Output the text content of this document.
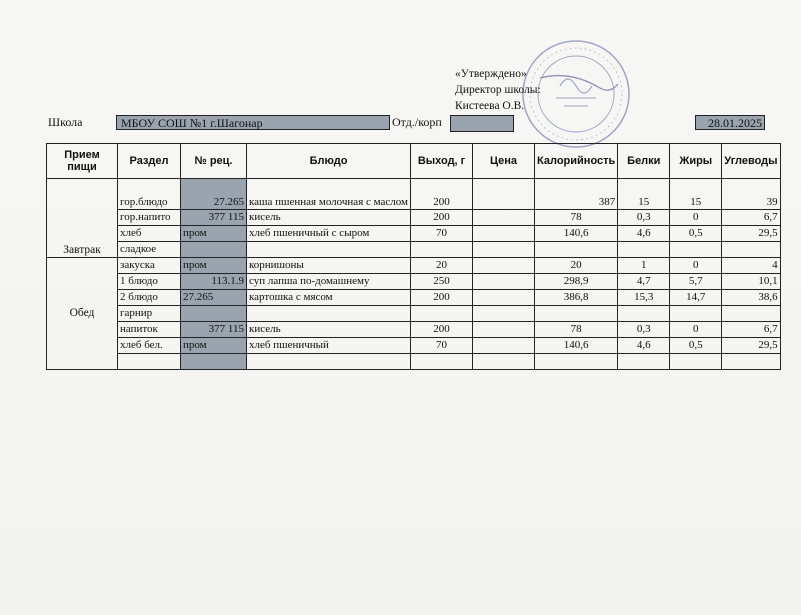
«Утверждено»
Директор школы:
Кистеева О.В.
Школа	МБОУ СОШ №1 г.Шагонар	Отд./корп	28.01.2025
Прием пищи	Раздел	№ рец.	Блюдо	Выход, г	Цена	Калорийность	Белки	Жиры	Углеводы
Завтрак	гор.блюдо	27.265	каша пшенная молочная с маслом	200		387	15	15	39
	гор.напито	377 115	кисель	200		78	0,3	0	6,7
	хлеб	пром	хлеб пшеничный с сыром	70		140,6	4,6	0,5	29,5
	сладкое								
Обед	закуска	пром	корнишоны	20		20	1	0	4
	1 блюдо	113.1.9	суп лапша по-домашнему	250		298,9	4,7	5,7	10,1
	2 блюдо	27.265	картошка с мясом	200		386,8	15,3	14,7	38,6
	гарнир								
	напиток	377 115	кисель	200		78	0,3	0	6,7
	хлеб бел.	пром	хлеб пшеничный	70		140,6	4,6	0,5	29,5
